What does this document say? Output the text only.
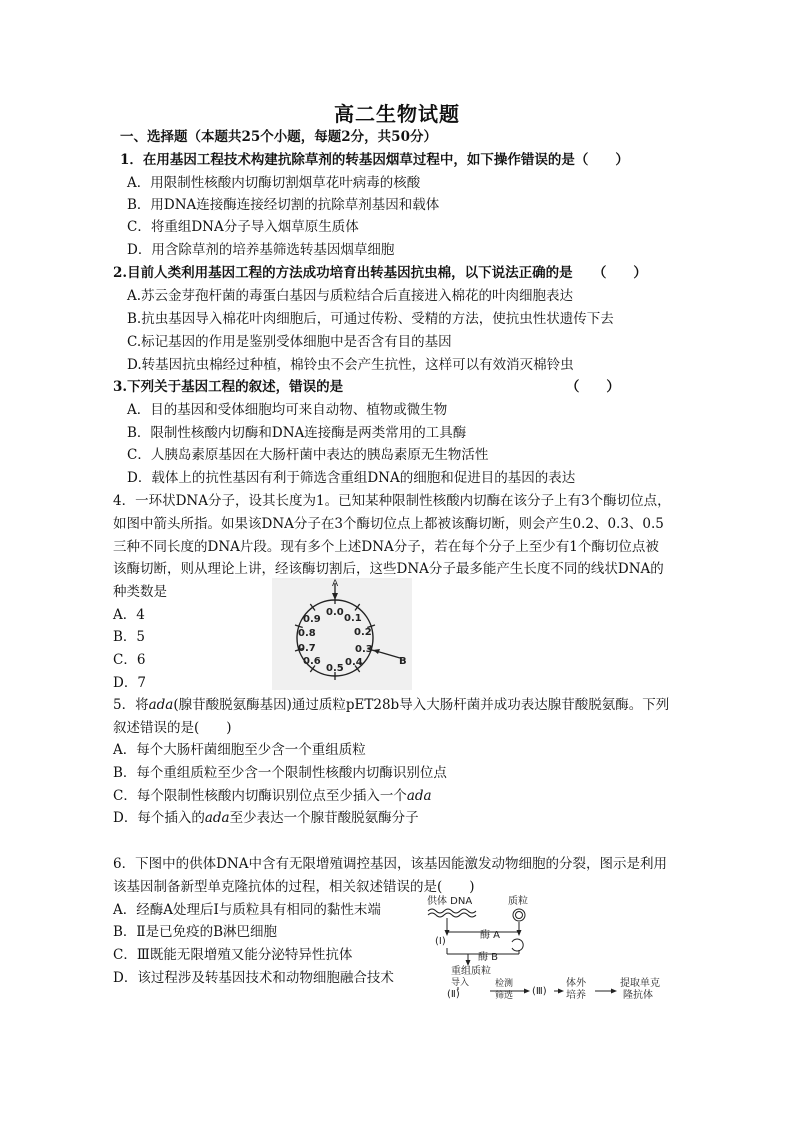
高二生物试题
一、选择题（本题共25个小题，每题2分，共50分）
1．在用基因工程技术构建抗除草剂的转基因烟草过程中，如下操作错误的是（　　）
A．用限制性核酸内切酶切割烟草花叶病毒的核酸
B．用DNA连接酶连接经切割的抗除草剂基因和载体
C．将重组DNA分子导入烟草原生质体
D．用含除草剂的培养基筛选转基因烟草细胞
2.目前人类利用基因工程的方法成功培育出转基因抗虫棉，以下说法正确的是　　（　　）
A.苏云金芽孢杆菌的毒蛋白基因与质粒结合后直接进入棉花的叶肉细胞表达
B.抗虫基因导入棉花叶肉细胞后，可通过传粉、受精的方法，使抗虫性状遗传下去
C.标记基因的作用是鉴别受体细胞中是否含有目的基因
D.转基因抗虫棉经过种植，棉铃虫不会产生抗性，这样可以有效消灭棉铃虫
3.下列关于基因工程的叙述，错误的是　　　　　　　　　　　　　　　　　（　　）
A．目的基因和受体细胞均可来自动物、植物或微生物
B．限制性核酸内切酶和DNA连接酶是两类常用的工具酶
C．人胰岛素原基因在大肠杆菌中表达的胰岛素原无生物活性
D．载体上的抗性基因有利于筛选含重组DNA的细胞和促进目的基因的表达
4．一环状DNA分子，设其长度为1。已知某种限制性核酸内切酶在该分子上有3个酶切位点，
如图中箭头所指。如果该DNA分子在3个酶切位点上都被该酶切断，则会产生0.2、0.3、0.5
三种不同长度的DNA片段。现有多个上述DNA分子，若在每个分子上至少有1个酶切位点被
该酶切断，则从理论上讲，经该酶切割后，这些DNA分子最多能产生长度不同的线状DNA的
种类数是
A．4
B．5
C．6
D．7
A
B
0.0
0.1
0.2
0.3
0.4
0.5
0.6
0.7
0.8
0.9
5．将ada(腺苷酸脱氨酶基因)通过质粒pET28b导入大肠杆菌并成功表达腺苷酸脱氨酶。下列
叙述错误的是(　　)
A．每个大肠杆菌细胞至少含一个重组质粒
B．每个重组质粒至少含一个限制性核酸内切酶识别位点
C．每个限制性核酸内切酶识别位点至少插入一个ada
D．每个插入的ada至少表达一个腺苷酸脱氨酶分子
6．下图中的供体DNA中含有无限增殖调控基因，该基因能激发动物细胞的分裂，图示是利用
该基因制备新型单克隆抗体的过程，相关叙述错误的是(　　)
A．经酶A处理后Ⅰ与质粒具有相同的黏性末端
B．Ⅱ是已免疫的B淋巴细胞
C．Ⅲ既能无限增殖又能分泌特异性抗体
D．该过程涉及转基因技术和动物细胞融合技术
供体 DNA	质粒
(Ⅰ)
酶 A
酶 B
重组质粒
导入
(Ⅱ)
检测
筛选 (Ⅲ)
体外
培养
提取单克
隆抗体
